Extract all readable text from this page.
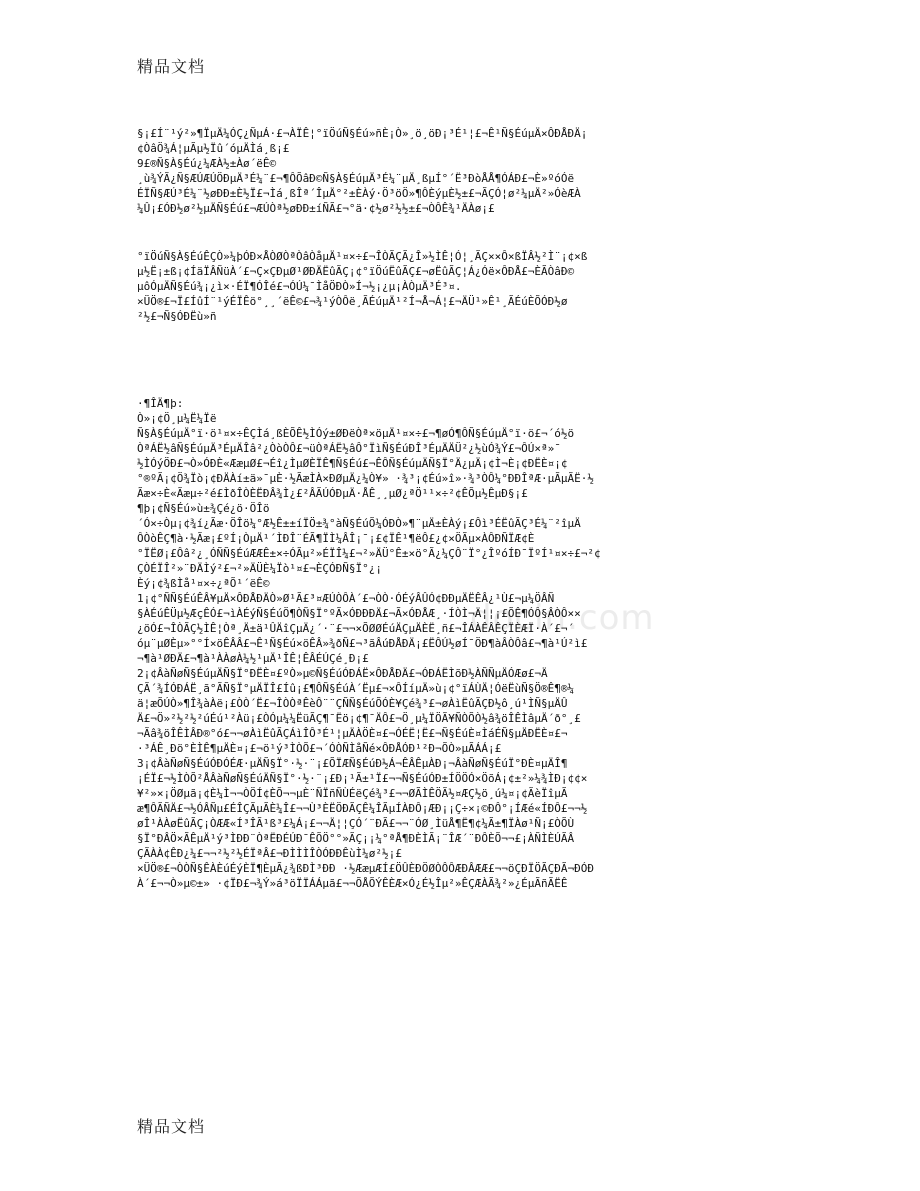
精品文档
docin.com

§¡£Í¨¹ý²»¶ÏµÄ¼ÓÇ¿ÑµÁ·£¬ÀÏÊ¦°ïÖúÑ§Éú»ñÈ¡Ò»¸ö¸öÐ¡³É¹¦£¬Ê¹Ñ§ÉúµÄ×ÔÐÅÐÄ¡

¢ÒâÖ¾Á¦µÃµ½Ïû´óµÄÌá¸ß¡£

9£®Ñ§À§Éú¿¼ÆÀ½±Àø´ëÊ©

¸ù¾ÝÃ¿Ñ§ÆÚÆÚÖÐµÄ³É¼¨£¬¶ÔÕâÐ©Ñ§À§ÉúµÄ³É¼¨µÄ¸ßµÍ°´Ë³ÐòÅÅ¶ÓÁÐ£¬È»ºóÓë

ÉÏÑ§ÆÚ³É¼¨½øÐÐ±È½Ï£¬Ìá¸ßÎª´ÎµÄ°²±ÈÀý·Ö³öÖ»¶ÔÈýµÈ½±£¬ÃÇÓ¦ø²¼µÄ²»ÓèÆÀ

¼Û¡£ÓÐ½ø²½µÄÑ§Éú£¬ÆÚÒª½øÐÐ±íÑÃ£¬°ä·¢½ø²½½±£¬ÒÔÊ¾¹ÄÀø¡£

°ïÖúÑ§À§ÉúÊÇÒ»¼þÓÐ×ÅÒØÒªÒâÒåµÄ¹¤×÷£¬ÎÒÃÇÃ¿Î»½ÌÊ¦Ó¦¸ÃÇ××Ô×ßÏÂ½²Ì¨¡¢×ß

µ½Ë¡±ß¡¢ÍäÏÂÑüÀ´£¬Ç×ÇÐµØ¹ØÐÄËûÃÇ¡¢°ïÖúËûÃÇ£¬øËûÃÇ¦Á¿Óë×ÔÐÅ£¬ÈÃÒâÐ©

µôÓµÄÑ§Éú¾¡¿ì×·ÉÏ¶ÓÎé£¬ÓÚ¼¯ÌåÖÐÒ»Í¬½¡¿µ¡ÀÒµÄ³É³¤.

×ÜÖ®£¬Ï£ÍûÍ¨¹ýÉÏÊö°¸¸´ëÊ©£¬¾¹ýÒÔë¸ÃÉúµÄ¹²Í¬Å¬Á¦£¬ÄÜ¹»Ê¹¸ÃÉúÈÕÓÐ½ø

²½£¬Ñ§ÓÐËù»ñ

·¶ÎÄ¶þ:

Ò»¡¢Ö¸µ¼Ë¼Ïë

Ñ§À§ÉúµÄ°ï·ö¹¤×÷ÊÇÌá¸ßÈÕÊ½ÌÓý±ØÐëÒª×öµÄ¹¤×÷£¬¶øÓ¶ÔÑ§ÉúµÄ°ï·ö£¬´ó½ö

ÒªÁË½âÑ§ÉúµÄ³ÉµÄÎâ²¿ÒòÒÔ£¬üÒªÁË½âÔ°ÏìÑ§ÉúÐÎ³ÉµÄÄÜ²¿½ùÓ¾Ý£¬ÔÚ×ª»¯

½ÌÓýÖÐ£¬Ò»ÓÐÈ«ÆæµØ£¬Éî¿ÌµØÈÏÊ¶Ñ§Éú£¬ÊÔÑ§ÉúµÄÑ§Ï°Ä¿µÄ¡¢Ì¬È¡¢ÐËÈ¤¡¢

°®ºÃ¡¢Ö¾Ïò¡¢ÐÄÀí±ä»¯µÈ·½ÃæÌÀ×ÐØµÄ¿¼Ò¥» ·¾³¡¢Éú»î»·¾³ÒÔ¼°ÐÐÎªÆ·µÃµÃË·½

Ãæ×÷È«Ãæµ÷²é£ÌðÎÒÈËÐÂ¾Ì¿£²ÂÃÚÓÐµÄ·ÅÊ¸¸µØ¿ªÖ¹¹×÷²¢ÊÕµ½ÊµÐ§¡£

¶þ¡¢Ñ§Éú»ù±¾Çé¿ö·ÖÎö

´Ó×÷Òµ¡¢¾í¿Ãæ·ÖÎö¼°Æ½Ê±±íÏÖ±¾°àÑ§ÉúÕ¼ÓÐÒ»¶¨µÄ±ÈÀý¡£Ôì³ÉËûÃÇ³É¼¨²îµÄ

ÔÒòÊÇ¶à·½Ãæ¡£ºÍ¡ÒµÄ¹´ÌÐÎ¨ÉÃ¶ÏÌ¼ÂÎ¡¯¡£¢ÏÊ¹¶ëÔ£¿¢×ÖÃµ×ÀÔÐÑÏÆ¢È

°ÏËØ¡£Ôâ²¿¸ÓÑÑ§ÉúÆÆÊ±×÷ÓÃµ²»ÉÏÎ¼£¬²»ÄÜ°Ê±×ö°Ã¿¼ÇÔ¨Ï°¿ÎºóÍÐ¯ÏºÍ¹¤×÷£¬²¢

ÇÒÉÏÎ²»¨ÐÄÌý²£¬²»ÄÜÈ¼Ïò¹¤£¬ÈÇÓÐÑ§Ï°¿¡

Èý¡¢¾ßÌå¹¤×÷¿ªÕ¹´ëÊ©

1¡¢°ÑÑ§ÉúÊÂ¥µÄ×ÔÐÅÐÄÒ»Ø¹Ã£³¤ÆÚÒÔÀ´£¬ÒÒ·ÓÉýÂÛÓ¢ÐÐµÄËÊÂ¿¹Ù£¬µ¼ÖÂÑ

§ÀÉúÊÜµ½ÆçÊÓ£¬ìÀÉýÑ§ÉúÖ¶ÒÑ§Ï°ºÃ×ÓÐÐÐÄ£¬Ã×ÓÐÅÆ¸·ÍÒÌ¬Ä¦¦¡£ÕÊ¶ÓÔ§ÂÒÔ××

¿öÓ£¬ÎÒÃÇ½ÌÊ¦Òª¸Ä±ä¹ÛÄîÇµÄ¿´·¨£¬¬×ÕØØÉúÄÇµÄÈË¸ñ£¬ÎÁÀÊÂÊÇÏÈÆÏ·À´£¬´

óµ¨µØÈµ»°°Í×öÊÂÂ£¬Ê¹Ñ§Éú×öÊÂ»¾ðÑ£¬³ãÂúÐÅÐÄ¡£ËÔÚ½øÍ¯ÖÐ¶àÂÒÔâ£¬¶à¹Ú²ì£

¬¶à¹ØÐÄ£¬¶à¹ÀÀøÀ¼½¹µÄ¹ÎÊ¦ÊÂÉÚÇé¸Ð¡£

2¡¢ÂàÑøÑ§ÉúµÄÑ§Ï°ÐËÈ¤£ºÒ»µ©Ñ§ÉúÓÐÁË×ÔÐÅÐÄ£¬ÓÐÁËÌõÐ½ÀÑÑµÄÓÆø£¬Ä

ÇÃ´¾ÍÓÐÁË¸ã°ÃÑ§Ï°µÄÏÎ£Íû¡£¶ÔÑ§ÉúÀ´Ëµ£¬×ÔÍíµÄ»ù¡¢°ïÁÙÄ¦ÓëËùÑ§Ö®Ê¶®¼

ä¦æÕÚÒ»¶Î¾àÀë¡£ÒÒ´Ë£¬ÎÒÒªÊèÔ¨¨ÇÑÑ§ÉúÕÓÈ¥Çé¾³£¬øÀìËûÃÇÐ½ô¸ú¹ÌÑ§µÄÛ

Ä£¬Ö»²½²½²úÉú¹²Àü¡£ÒÓµ¼¼ËüÃÇ¶¯Ëö¡¢¶¯ÄÔ£¬Ö¸µ¼ÏÖÃ¥ÑÒÕÒ½â¾öÎÊÌâµÄ´ð°¸£

¬Ãâ¾öÎÊÌÂÐ®°ó£¬¬øÀìËûÃÇÁìÎÔ³É¹¦µÄÀÖÈ¤£¬ÓÉË¦Ë£¬Ñ§ÉúÈ¤ÌáÉÑ§µÄÐËÈ¤£¬

·³ÁÊ¸Ðö°ÈÌÊ¶µÄÈ¤¡£¬ö¹ý³ÌÒÕ£¬´ÓÒÑÌåÑé×ÔÐÅÓÐ¹²Ð¬ÕÒ»µÃÁÁ¡£

3¡¢ÂàÑøÑ§ÉúÓÐÓÉÆ·µÄÑ§Ï°·½·¨¡£ÕÏÆÑ§ÉúÐ½Á¬ÊÂÊµÀÐ¡¬ÂàÑøÑ§ÉúÏ°ÐÈ¤µÄÎ¶

¡ÉÏ£¬½ÌÒÕ²ÅÂàÑøÑ§ÉúÄÑ§Ï°·½·¨¡£Ð¡¹Ã±¹Ï£¬¬Ñ§ÉúÓÐ±ÍÖÖÓ×ÖõÁ¡¢±²»¼¾ÌÐ¡¢¢×

¥²»×¡ÖØµã¡¢È¼Ì¬¬ÒÖÍ¢ÈÕ¬¬µÈ¨ÑÏñÑÙÉëÇé¾³£¬¬ØÃÌÊÖÃ½¤ÆÇ½ö¸ú¼¤¡¢ÃèÏîµÃ

æ¶ÔÃÑÄ£¬½ÓÂÑµ£ÉÎÇÃµÃÈ¼Î£¬¬Ù³ÈËÖÐÃÇÊ¼ÎÃµÍÀÐÔ¡ÆÐ¡¡Ç÷×¡©ÐÔ°¡ÍÆé«ÍÐÔ£¬¬½

øÎ¹ÀÀøËûÃÇ¡ÒÆÆ«Í³ÎÃ¹ß³£¼Á¡£¬¬Ä¦¦ÇÓ´¨ÐÃ£¬¬¨ÓØ¸ÌüÅ¶Ë¶¢¼Ã±¶ÏÀø¹Ñ¡£ÒÕÙ

§Ï°ÐÂÖ×ÃÊµÄ¹ý³ÌÐÐ¨ÒªËÐÉÚÐ¯ÊÕÖ°°»ÃÇ¡¡¼°ªÅ¶ÐÈÌÃ¡¨ÎÆ´¨ÐÔÈÕ¬¬£¡ÀÑÌÈÚÃÂ

ÇÃÀÀ¢ÊÐ¿¼£¬¬²½²½ÉÏªÂ£¬ÐÌÌÌÎÒÓÐÐÊùÌ¼ø²½¡£

×ÜÖ®£¬ÒÒÑ§ÊÀÈúÉýÈÏ¶ÈµÃ¿¾ßÐÌ³ÐÐ ·½ÆæµÆÍ£ÖÛÈÐÖØÒÔÔÆÐÂÆÆ£¬¬öÇÐÏÖÃÇÐÃ¬ÐÓÐ

À´£¬¬Ò»µ©±» ·¢ÏÐ£¬¾Ý»á³öÏÏÁÁµã£¬¬ÕÅÕÝÊÈÆ×Ó¿É½Îµ²»ÊÇÆÀÃ¾²»¿ÉµÃñÃËÊ

精品文档
